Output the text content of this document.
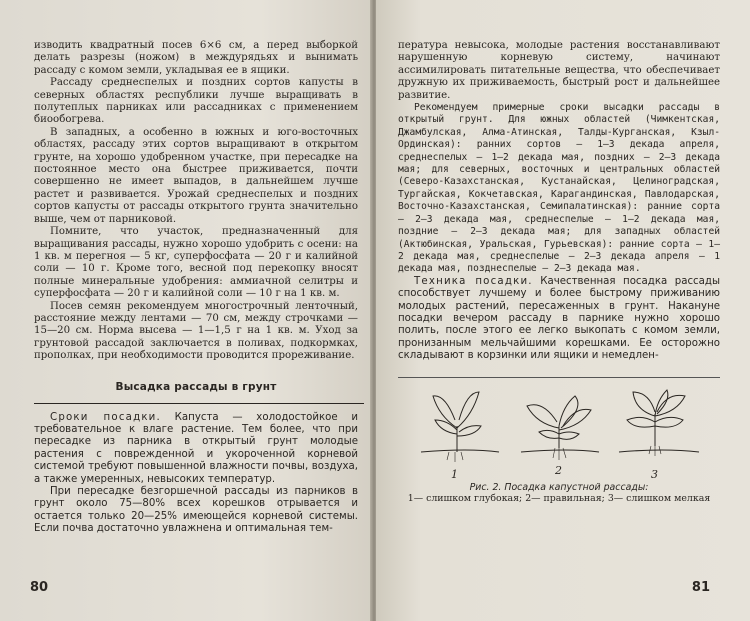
изводить квадратный посев 6×6 см, а перед выборкой делать разрезы (ножом) в междурядьях и вынимать рассаду с комом земли, укладывая ее в ящики.

Рассаду среднеспелых и поздних сортов капусты в северных областях республики лучше выращивать в полутеплых парниках или рассадниках с применением биообогрева.

В западных, а особенно в южных и юго-восточных областях, рассаду этих сортов выращивают в открытом грунте, на хорошо удобренном участке, при пересадке на постоянное место она быстрее приживается, почти совершенно не имеет выпадов, в дальнейшем лучше растет и развивается. Урожай среднеспелых и поздних сортов капусты от рассады открытого грунта значительно выше, чем от парниковой.

Помните, что участок, предназначенный для выращивания рассады, нужно хорошо удобрить с осени: на 1 кв. м перегноя — 5 кг, суперфосфата — 20 г и калийной соли — 10 г. Кроме того, весной под перекопку вносят полные минеральные удобрения: аммиачной селитры и суперфосфата — 20 г и калийной соли — 10 г на 1 кв. м.

Посев семян рекомендуем многострочный ленточный, расстояние между лентами — 70 см, между строчками — 15—20 см. Норма высева — 1—1,5 г на 1 кв. м. Уход за грунтовой рассадой заключается в поливах, подкормках, прополках, при необходимости проводится прореживание.

Высадка рассады в грунт

Сроки посадки. Капуста — холодостойкое и требовательное к влаге растение. Тем более, что при пересадке из парника в открытый грунт молодые растения с поврежденной и укороченной корневой системой требуют повышенной влажности почвы, воздуха, а также умеренных, невысоких температур.

При пересадке безгоршечной рассады из парников в грунт около 75—80% всех корешков отрывается и остается только 20—25% имеющейся корневой системы. Если почва достаточно увлажнена и оптимальная тем-

80

пература невысока, молодые растения восстанавливают нарушенную корневую систему, начинают ассимилировать питательные вещества, что обеспечивает дружную их приживаемость, быстрый рост и дальнейшее развитие.

Рекомендуем примерные сроки высадки рассады в открытый грунт. Для южных областей (Чимкентская, Джамбулская, Алма-Атинская, Талды-Курганская, Кзыл-Ординская): ранних сортов — 1—3 декада апреля, среднеспелых — 1—2 декада мая, поздних — 2—3 декада мая; для северных, восточных и центральных областей (Северо-Казахстанская, Кустанайская, Целиноградская, Тургайская, Кокчетавская, Карагандинская, Павлодарская, Восточно-Казахстанская, Семипалатинская): ранние сорта — 2—3 декада мая, среднеспелые — 1—2 декада мая, поздние — 2—3 декада мая; для западных областей (Актюбинская, Уральская, Гурьевская): ранние сорта — 1—2 декада мая, среднеспелые — 2—3 декада апреля — 1 декада мая, позднеспелые — 2—3 декада мая.

Техника посадки. Качественная посадка рассады способствует лучшему и более быстрому приживанию молодых растений, пересаженных в грунт. Накануне посадки вечером рассаду в парнике нужно хорошо полить, после этого ее легко выкопать с комом земли, пронизанным мельчайшими корешками. Ее осторожно складывают в корзинки или ящики и немедлен-

1	2	3
Рис. 2. Посадка капустной рассады:
1— слишком глубокая; 2— правильная; 3— слишком мелкая
81
